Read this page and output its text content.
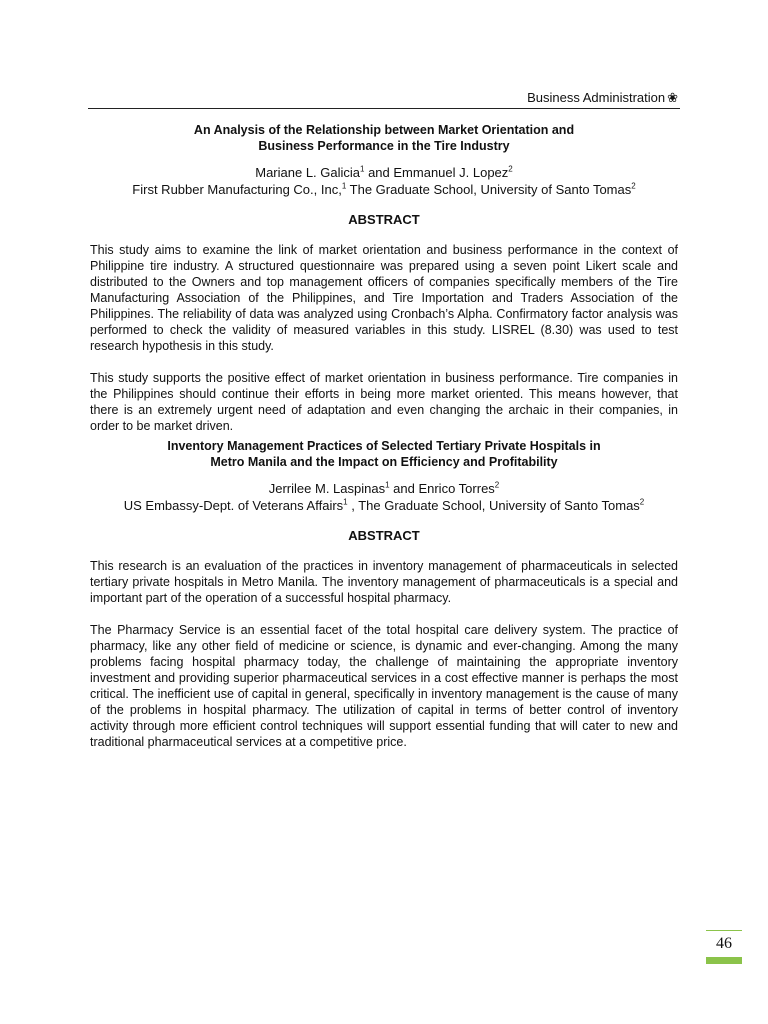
Business Administration ❀

An Analysis of the Relationship between Market Orientation and
Business Performance in the Tire Industry

Mariane L. Galicia$^1$ and Emmanuel J. Lopez$^2$

First Rubber Manufacturing Co., Inc,$^1$ The Graduate School, University of Santo Tomas$^2$

ABSTRACT

This study aims to examine the link of market orientation and business performance in the context of Philippine tire industry. A structured questionnaire was prepared using a seven point Likert scale and distributed to the Owners and top management officers of companies specifically members of the Tire Manufacturing Association of the Philippines, and Tire Importation and Traders Association of the Philippines. The reliability of data was analyzed using Cronbach’s Alpha. Confirmatory factor analysis was performed to check the validity of measured variables in this study. LISREL (8.30) was used to test research hypothesis in this study.

This study supports the positive effect of market orientation in business performance. Tire companies in the Philippines should continue their efforts in being more market oriented. This means however, that there is an extremely urgent need of adaptation and even changing the archaic in their companies, in order to be market driven.

Inventory Management Practices of Selected Tertiary Private Hospitals in
Metro Manila and the Impact on Efficiency and Profitability

Jerrilee M. Laspinas$^1$ and Enrico Torres$^2$

US Embassy-Dept. of Veterans Affairs$^1$ , The Graduate School, University of Santo Tomas$^2$

ABSTRACT

This research is an evaluation of the practices in inventory management of pharmaceuticals in selected tertiary private hospitals in Metro Manila. The inventory management of pharmaceuticals is a special and important part of the operation of a successful hospital pharmacy.

The Pharmacy Service is an essential facet of the total hospital care delivery system. The practice of pharmacy, like any other field of medicine or science, is dynamic and ever-changing. Among the many problems facing hospital pharmacy today, the challenge of maintaining the appropriate inventory investment and providing superior pharmaceutical services in a cost effective manner is perhaps the most critical. The inefficient use of capital in general, specifically in inventory management is the cause of many of the problems in hospital pharmacy. The utilization of capital in terms of better control of inventory activity through more efficient control techniques will support essential funding that will cater to new and traditional pharmaceutical services at a competitive price.

46
